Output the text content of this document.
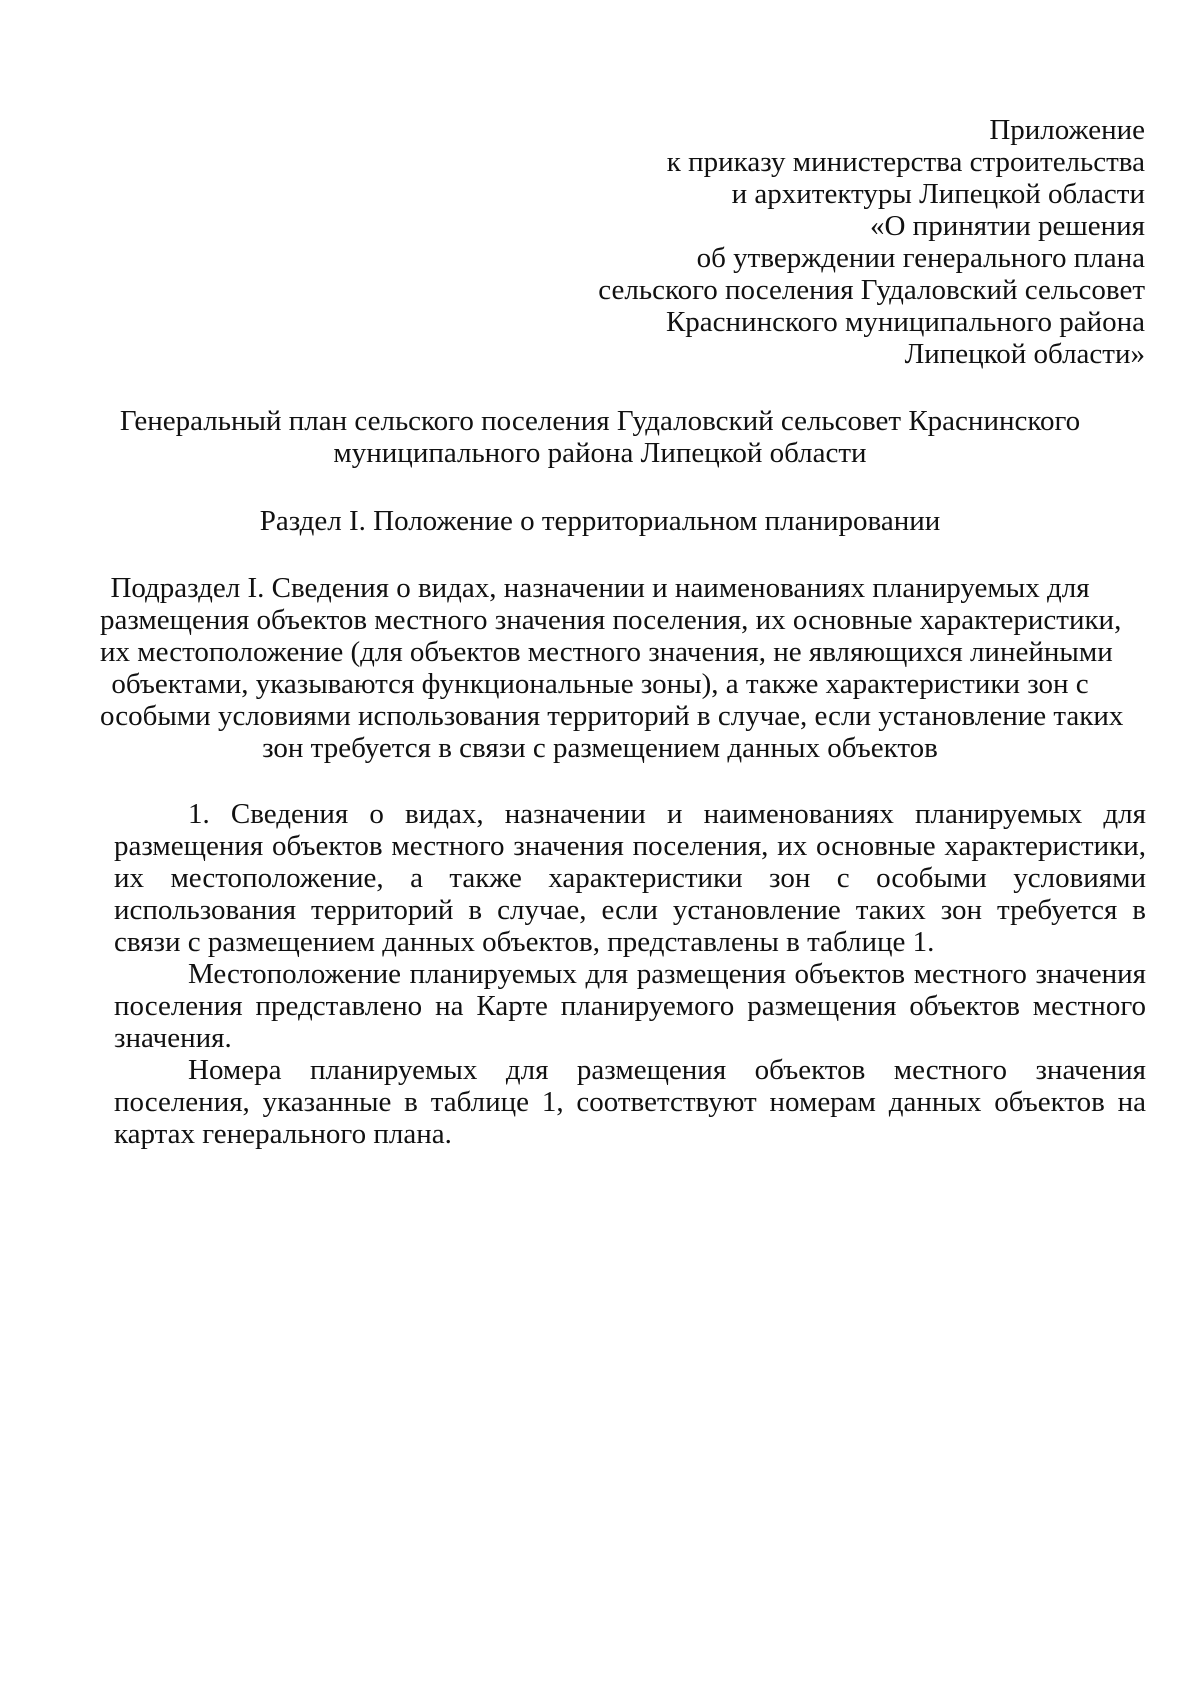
Приложение
к приказу министерства строительства
и архитектуры Липецкой области
«О принятии решения
об утверждении генерального плана
сельского поселения Гудаловский сельсовет
Краснинского муниципального района
Липецкой области»
Генеральный план сельского поселения Гудаловский сельсовет Краснинского
муниципального района Липецкой области
Раздел I. Положение о территориальном планировании
Подраздел I. Сведения о видах, назначении и наименованиях планируемых для
размещения объектов местного значения поселения, их основные характеристики,
их местоположение (для объектов местного значения, не являющихся линейными
объектами, указываются функциональные зоны), а также характеристики зон с
особыми условиями использования территорий в случае, если установление таких
зон требуется в связи с размещением данных объектов

1. Сведения о видах, назначении и наименованиях планируемых для размещения объектов местного значения поселения, их основные характеристики, их местоположение, а также характеристики зон с особыми условиями использования территорий в случае, если установление таких зон требуется в связи с размещением данных объектов, представлены в таблице 1.

Местоположение планируемых для размещения объектов местного значения поселения представлено на Карте планируемого размещения объектов местного значения.

Номера планируемых для размещения объектов местного значения поселения, указанные в таблице 1, соответствуют номерам данных объектов на картах генерального плана.
